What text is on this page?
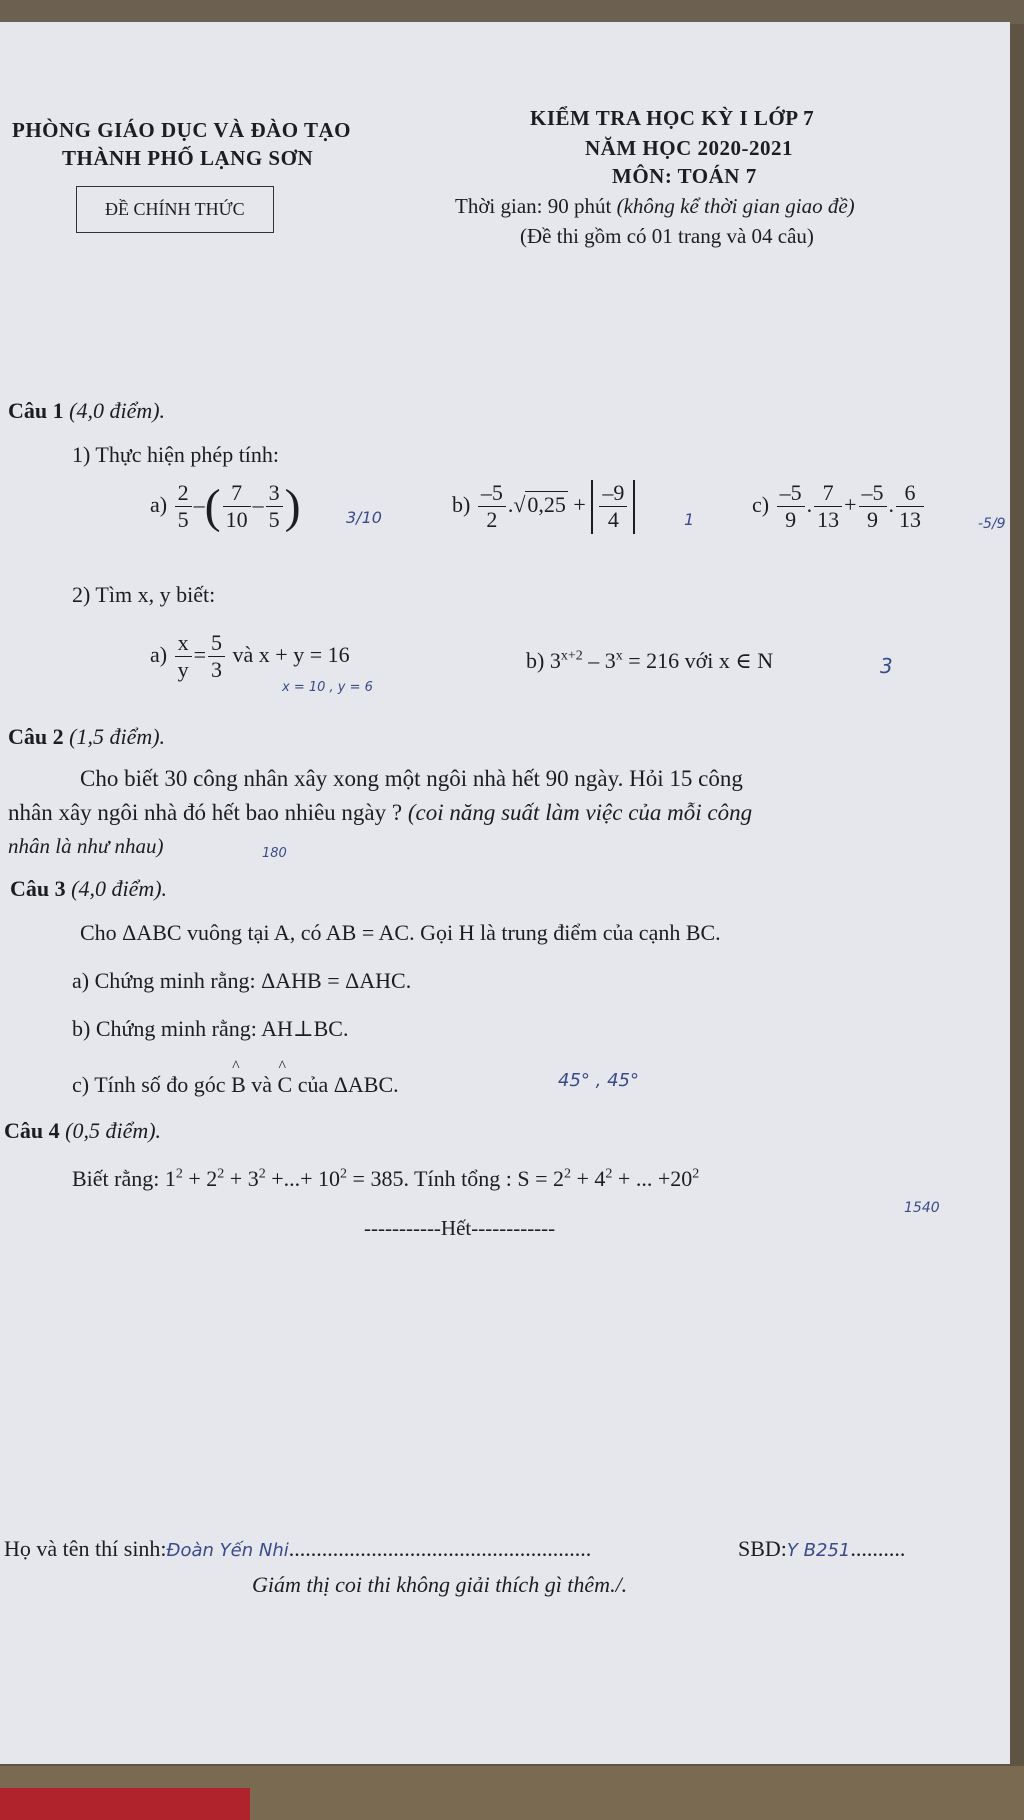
PHÒNG GIÁO DỤC VÀ ĐÀO TẠO
THÀNH PHỐ LẠNG SƠN
ĐỀ CHÍNH THỨC
KIỂM TRA HỌC KỲ I LỚP 7
NĂM HỌC 2020-2021
MÔN: TOÁN 7
Thời gian: 90 phút (không kể thời gian giao đề)
(Đề thi gồm có 01 trang và 04 câu)
Câu 1 (4,0 điểm).
1) Thực hiện phép tính:
$a) \frac{2}{5}$ –( $\frac{7}{10} - \frac{3}{5}$ )	3/10
$b) \frac{-5}{2} .√0,25 + \frac{-9}{4}$	1
$c) \frac{-5}{9}$ . $\frac{7}{13} + \frac{-5}{9}$ . $\frac{6}{13}$	-5/9
2) Tìm x, y biết:
$a) \frac{x}{y} = \frac{5}{3}$ và x + y = 16
x = 10 , y = 6
b) $3^{x+2} - 3^x = 216$ với x ∈ N	3
Câu 2 (1,5 điểm).
Cho biết 30 công nhân xây xong một ngôi nhà hết 90 ngày. Hỏi 15 công
nhân xây ngôi nhà đó hết bao nhiêu ngày ? (coi năng suất làm việc của mỗi công
nhân là như nhau)	180
Câu 3 (4,0 điểm).
Cho ΔABC vuông tại A, có AB = AC. Gọi H là trung điểm của cạnh BC.
a) Chứng minh rằng: ΔAHB = ΔAHC.
b) Chứng minh rằng: AH⊥BC.
c) Tính số đo góc B
^
và C
^
của ΔABC.	45° , 45°
Câu 4 (0,5 điểm).
Biết rằng: $1^2 + 2^2 + 3^2$ +...+ $10^2 = 385$. Tính tổng : $S = 2^2 + 4^2$ + ... $+20^2$
1540
-----------Hết------------
Họ và tên thí sinh:Đoàn Yến Nhi.......................................................	SBD:Y B251..........
Giám thị coi thi không giải thích gì thêm./.
